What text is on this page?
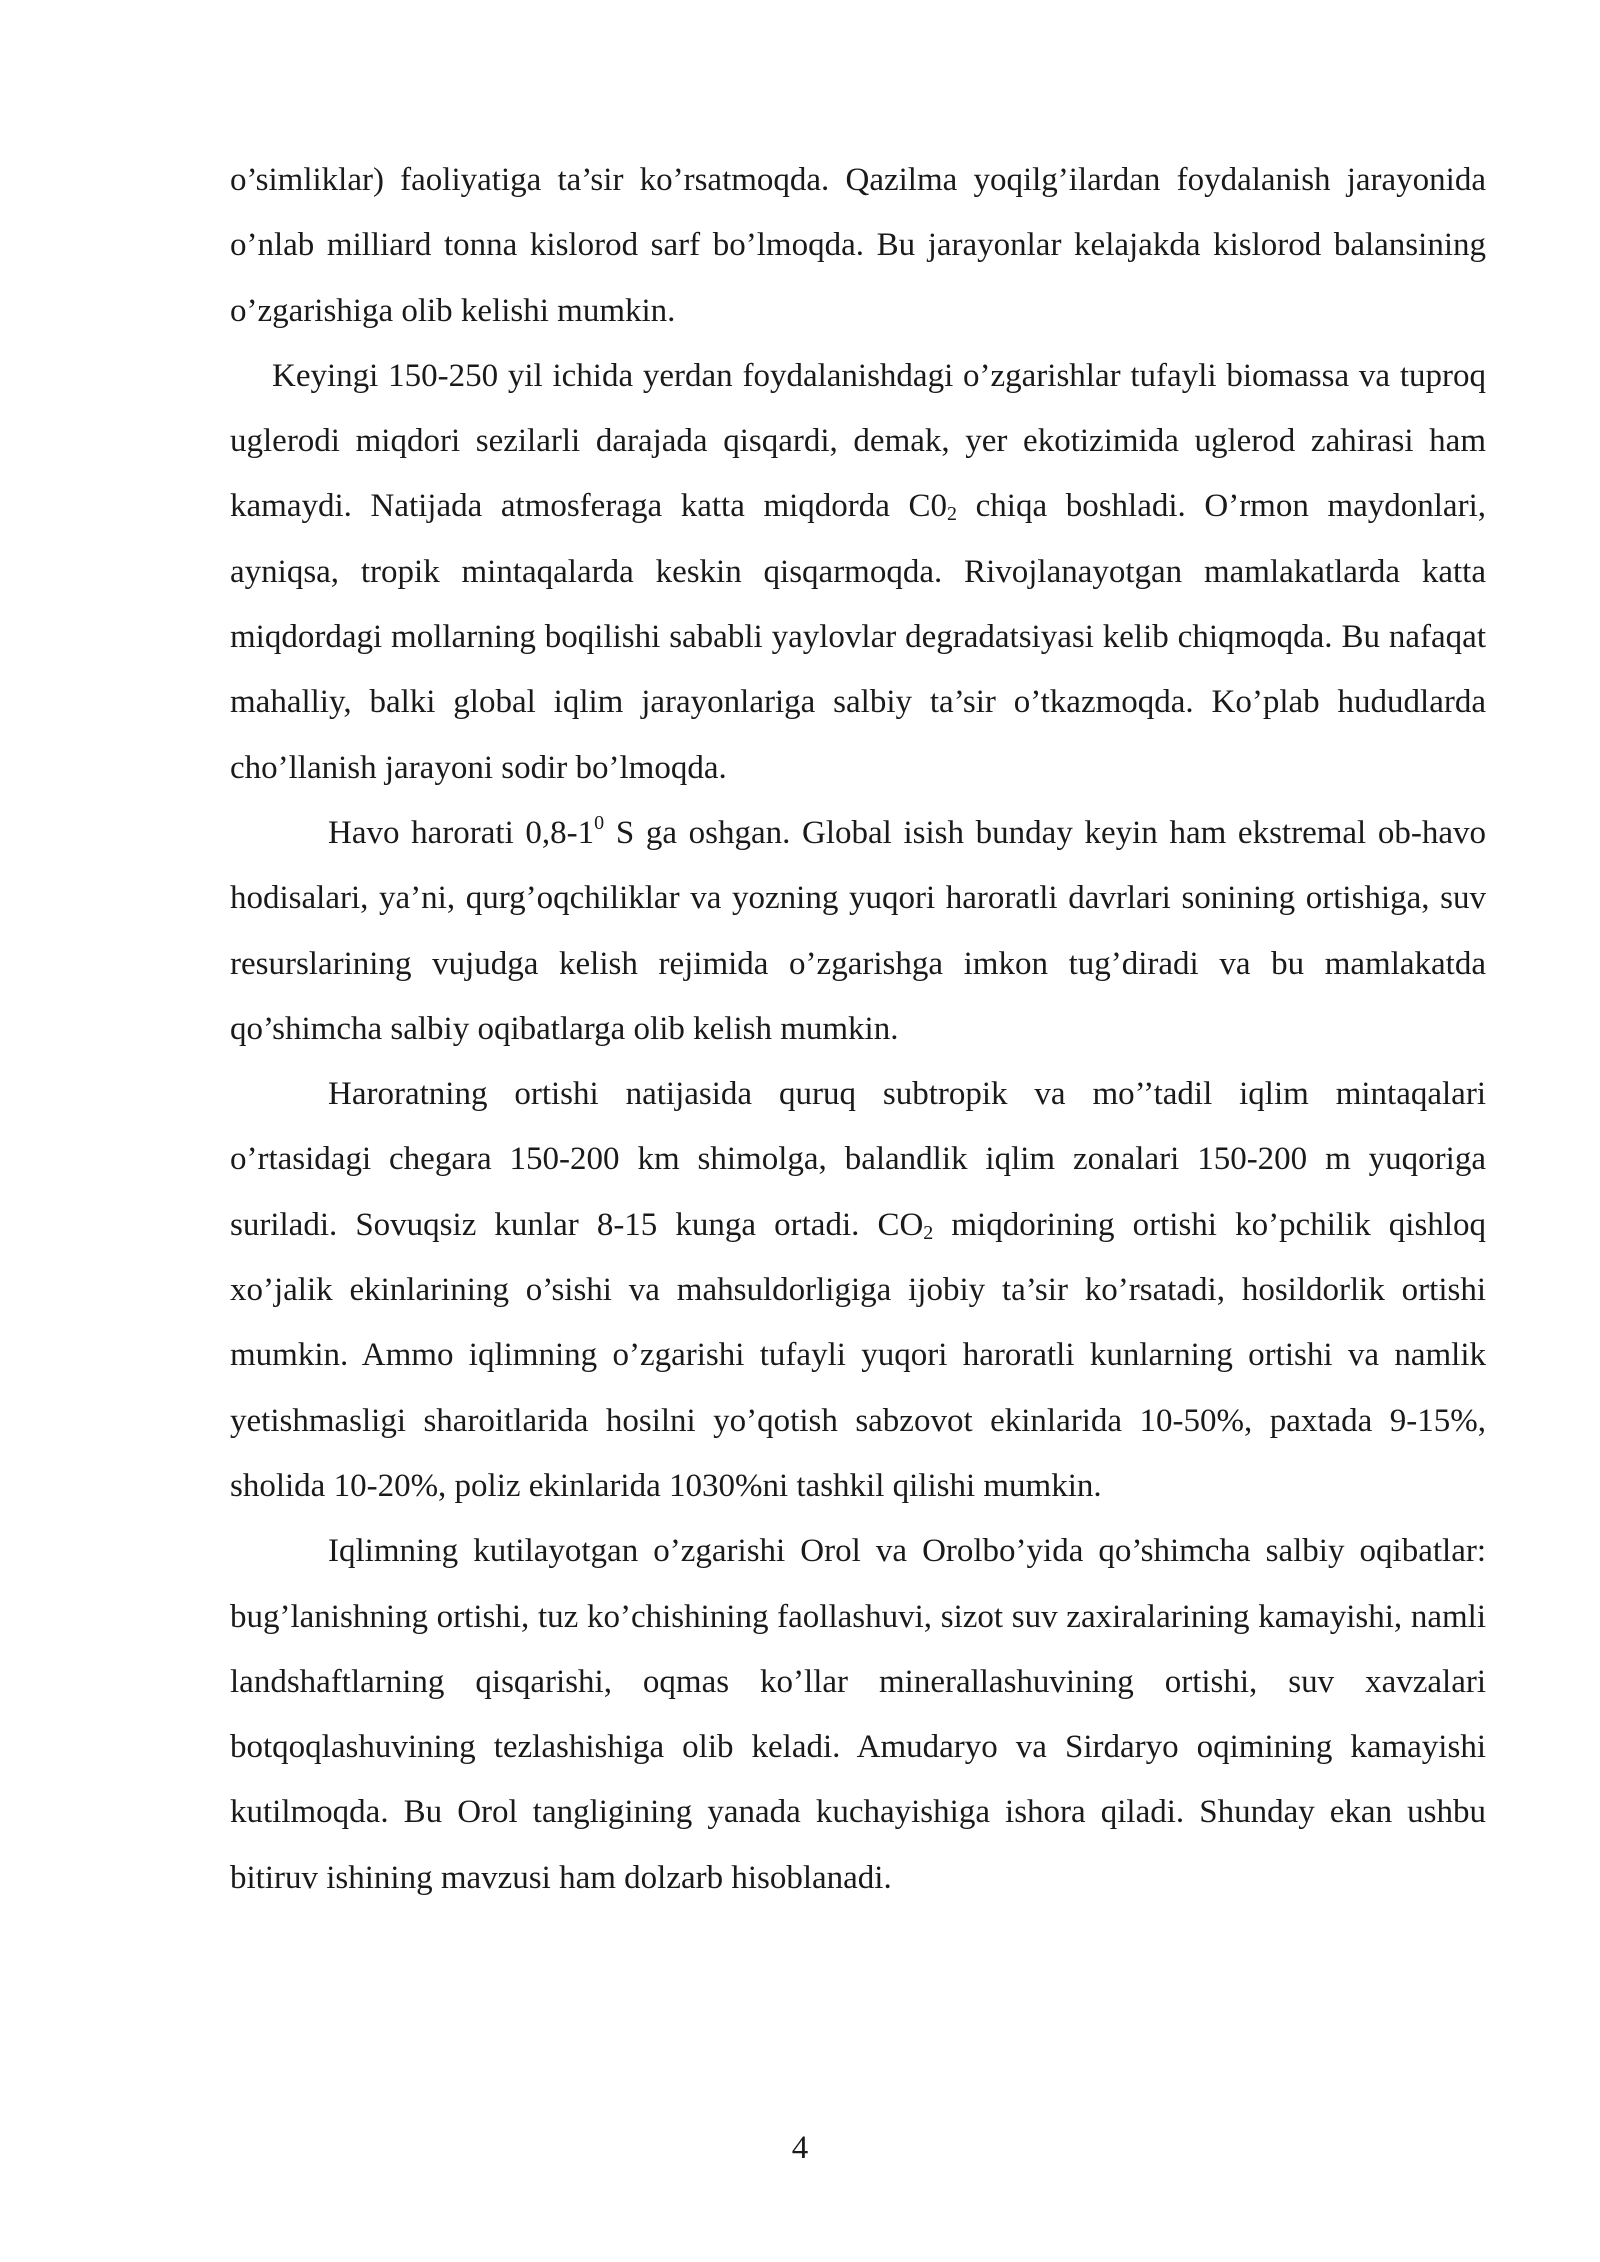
o’simliklar) faoliyatiga ta’sir ko’rsatmoqda. Qazilma yoqilg’ilardan foydalanish jarayonida o’nlab milliard tonna kislorod sarf bo’lmoqda. Bu jarayonlar kelajakda kislorod balansining o’zgarishiga olib kelishi mumkin.

Keyingi 150-250 yil ichida yerdan foydalanishdagi o’zgarishlar tufayli biomassa va tuproq uglerodi miqdori sezilarli darajada qisqardi, demak, yer ekotizimida uglerod zahirasi ham kamaydi. Natijada atmosferaga katta miqdorda $C0_2$ chiqa boshladi. O’rmon maydonlari, ayniqsa, tropik mintaqalarda keskin qisqarmoqda. Rivojlanayotgan mamlakatlarda katta miqdordagi mollarning boqilishi sababli yaylovlar degradatsiyasi kelib chiqmoqda. Bu nafaqat mahalliy, balki global iqlim jarayonlariga salbiy ta’sir o’tkazmoqda. Ko’plab hududlarda cho’llanish jarayoni sodir bo’lmoqda.

Havo harorati $0,8-1^0$ S ga oshgan. Global isish bunday keyin ham ekstremal ob-havo hodisalari, ya’ni, qurg’oqchiliklar va yozning yuqori haroratli davrlari sonining ortishiga, suv resurslarining vujudga kelish rejimida o’zgarishga imkon tug’diradi va bu mamlakatda qo’shimcha salbiy oqibatlarga olib kelish mumkin.

Haroratning ortishi natijasida quruq subtropik va mo’’tadil iqlim mintaqalari o’rtasidagi chegara 150-200 km shimolga, balandlik iqlim zonalari 150-200 m yuqoriga suriladi. Sovuqsiz kunlar 8-15 kunga ortadi. $CO_2$ miqdorining ortishi ko’pchilik qishloq xo’jalik ekinlarining o’sishi va mahsuldorligiga ijobiy ta’sir ko’rsatadi, hosildorlik ortishi mumkin. Ammo iqlimning o’zgarishi tufayli yuqori haroratli kunlarning ortishi va namlik yetishmasligi sharoitlarida hosilni yo’qotish sabzovot ekinlarida 10-50%, paxtada 9-15%, sholida 10-20%, poliz ekinlarida 1030%ni tashkil qilishi mumkin.

Iqlimning kutilayotgan o’zgarishi Orol va Orolbo’yida qo’shimcha salbiy oqibatlar: bug’lanishning ortishi, tuz ko’chishining faollashuvi, sizot suv zaxiralarining kamayishi, namli landshaftlarning qisqarishi, oqmas ko’llar minerallashuvining ortishi, suv xavzalari botqoqlashuvining tezlashishiga olib keladi. Amudaryo va Sirdaryo oqimining kamayishi kutilmoqda. Bu Orol tangligining yanada kuchayishiga ishora qiladi. Shunday ekan ushbu bitiruv ishining mavzusi ham dolzarb hisoblanadi.

4
